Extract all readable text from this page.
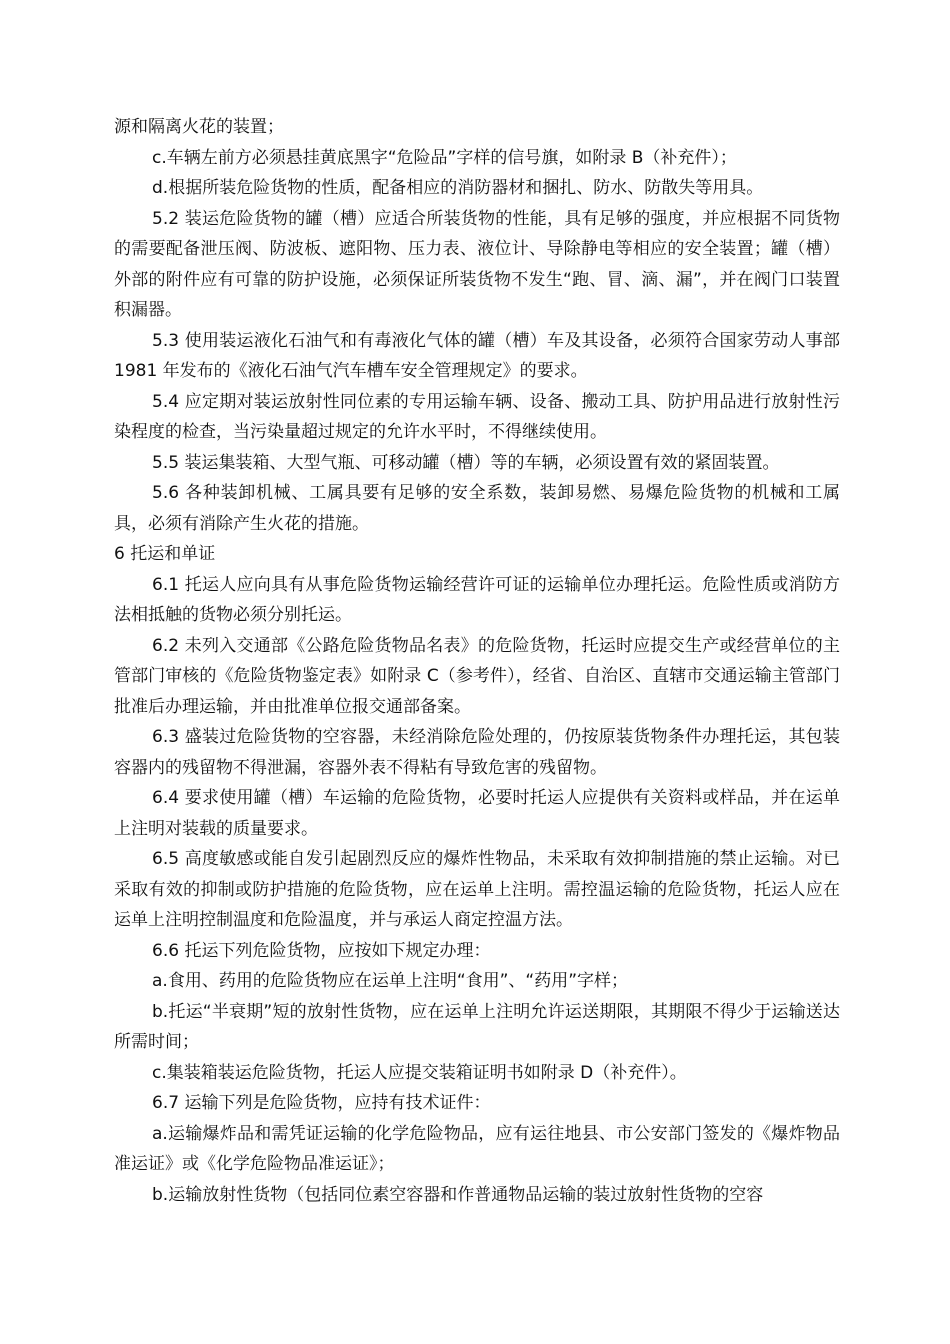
源和隔离火花的装置；

c.车辆左前方必须悬挂黄底黑字“危险品”字样的信号旗，如附录 B（补充件）；

d.根据所装危险货物的性质，配备相应的消防器材和捆扎、防水、防散失等用具。

5.2 装运危险货物的罐（槽）应适合所装货物的性能，具有足够的强度，并应根据不同货物的需要配备泄压阀、防波板、遮阳物、压力表、液位计、导除静电等相应的安全装置；罐（槽）外部的附件应有可靠的防护设施，必须保证所装货物不发生“跑、冒、滴、漏”，并在阀门口装置积漏器。

5.3 使用装运液化石油气和有毒液化气体的罐（槽）车及其设备，必须符合国家劳动人事部 1981 年发布的《液化石油气汽车槽车安全管理规定》的要求。

5.4 应定期对装运放射性同位素的专用运输车辆、设备、搬动工具、防护用品进行放射性污染程度的检查，当污染量超过规定的允许水平时，不得继续使用。

5.5 装运集装箱、大型气瓶、可移动罐（槽）等的车辆，必须设置有效的紧固装置。

5.6 各种装卸机械、工属具要有足够的安全系数，装卸易燃、易爆危险货物的机械和工属具，必须有消除产生火花的措施。

6 托运和单证

6.1 托运人应向具有从事危险货物运输经营许可证的运输单位办理托运。危险性质或消防方法相抵触的货物必须分别托运。

6.2 未列入交通部《公路危险货物品名表》的危险货物，托运时应提交生产或经营单位的主管部门审核的《危险货物鉴定表》如附录 C（参考件），经省、自治区、直辖市交通运输主管部门批准后办理运输，并由批准单位报交通部备案。

6.3 盛装过危险货物的空容器，未经消除危险处理的，仍按原装货物条件办理托运，其包装容器内的残留物不得泄漏，容器外表不得粘有导致危害的残留物。

6.4 要求使用罐（槽）车运输的危险货物，必要时托运人应提供有关资料或样品，并在运单上注明对装载的质量要求。

6.5 高度敏感或能自发引起剧烈反应的爆炸性物品，未采取有效抑制措施的禁止运输。对已采取有效的抑制或防护措施的危险货物，应在运单上注明。需控温运输的危险货物，托运人应在运单上注明控制温度和危险温度，并与承运人商定控温方法。

6.6 托运下列危险货物，应按如下规定办理：

a.食用、药用的危险货物应在运单上注明“食用”、“药用”字样；

b.托运“半衰期”短的放射性货物，应在运单上注明允许运送期限，其期限不得少于运输送达所需时间；

c.集装箱装运危险货物，托运人应提交装箱证明书如附录 D（补充件）。

6.7 运输下列是危险货物，应持有技术证件：

a.运输爆炸品和需凭证运输的化学危险物品，应有运往地县、市公安部门签发的《爆炸物品准运证》或《化学危险物品准运证》；

b.运输放射性货物（包括同位素空容器和作普通物品运输的装过放射性货物的空容
